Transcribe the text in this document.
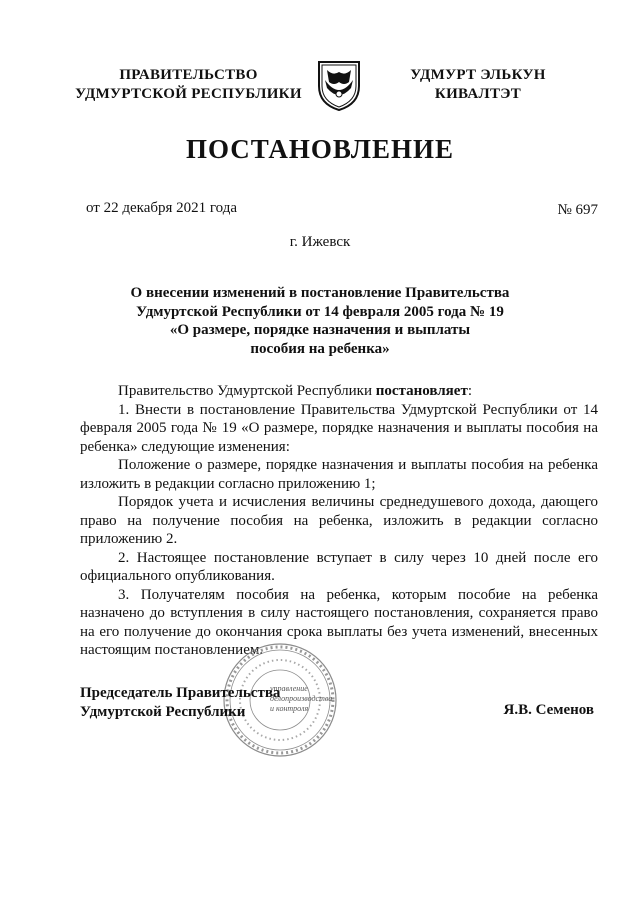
ПРАВИТЕЛЬСТВО
УДМУРТСКОЙ РЕСПУБЛИКИ
УДМУРТ ЭЛЬКУН
КИВАЛТЭТ
ПОСТАНОВЛЕНИЕ
от 22 декабря 2021 года	№ 697
г. Ижевск
О внесении изменений в постановление Правительства
Удмуртской Республики от 14 февраля 2005 года № 19
«О размере, порядке назначения и выплаты
пособия на ребенка»

Правительство Удмуртской Республики постановляет:

1. Внести в постановление Правительства Удмуртской Республики от 14 февраля 2005 года № 19 «О размере, порядке назначения и выплаты пособия на ребенка» следующие изменения:

Положение о размере, порядке назначения и выплаты пособия на ребенка изложить в редакции согласно приложению 1;

Порядок учета и исчисления величины среднедушевого дохода, дающего право на получение пособия на ребенка, изложить в редакции согласно приложению 2.

2. Настоящее постановление вступает в силу через 10 дней после его официального опубликования.

3. Получателям пособия на ребенка, которым пособие на ребенка назначено до вступления в силу настоящего постановления, сохраняется право на его получение до окончания срока выплаты без учета изменений, внесенных настоящим постановлением.

управление
делопроизводства
и контроля
Председатель Правительства
Удмуртской Республики	Я.В. Семенов
